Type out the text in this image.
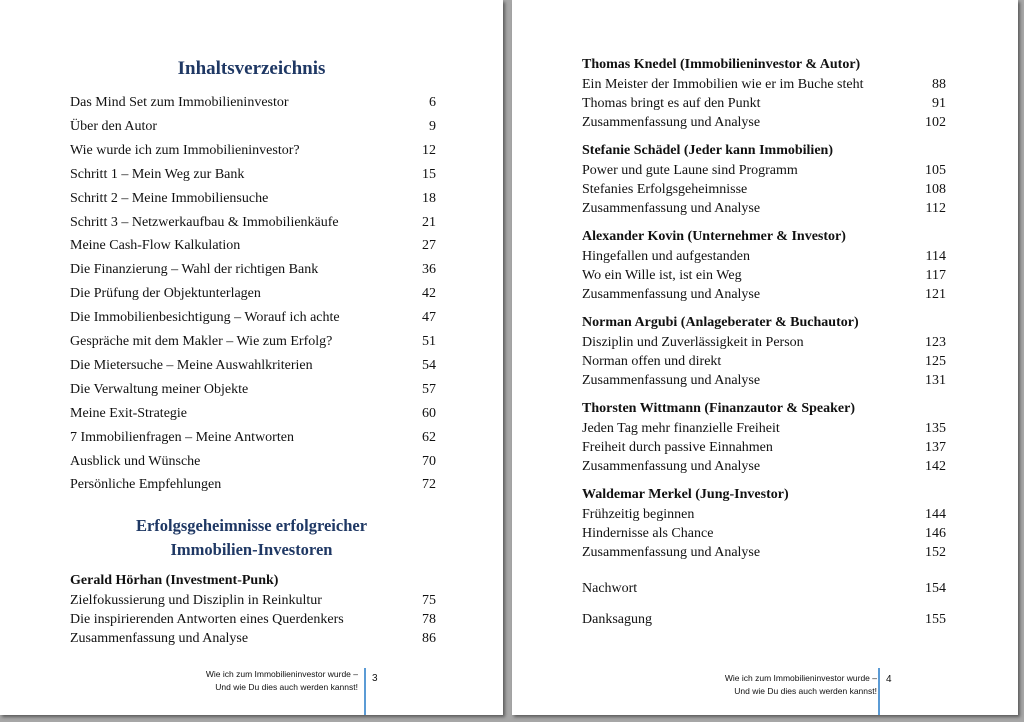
Inhaltsverzeichnis
Das Mind Set zum Immobilieninvestor	6
Über den Autor	9
Wie wurde ich zum Immobilieninvestor?	12
Schritt 1 – Mein Weg zur Bank	15
Schritt 2 – Meine Immobiliensuche	18
Schritt 3 – Netzwerkaufbau & Immobilienkäufe	21
Meine Cash-Flow Kalkulation	27
Die Finanzierung – Wahl der richtigen Bank	36
Die Prüfung der Objektunterlagen	42
Die Immobilienbesichtigung – Worauf ich achte	47
Gespräche mit dem Makler – Wie zum Erfolg?	51
Die Mietersuche – Meine Auswahlkriterien	54
Die Verwaltung meiner Objekte	57
Meine Exit-Strategie	60
7 Immobilienfragen – Meine Antworten	62
Ausblick und Wünsche	70
Persönliche Empfehlungen	72
Erfolgsgeheimnisse erfolgreicher
Immobilien-Investoren
Gerald Hörhan (Investment-Punk)
Zielfokussierung und Disziplin in Reinkultur	75
Die inspirierenden Antworten eines Querdenkers	78
Zusammenfassung und Analyse	86
Wie ich zum Immobilieninvestor wurde –
Und wie Du dies auch werden kannst!
3
Thomas Knedel (Immobilieninvestor & Autor)
Ein Meister der Immobilien wie er im Buche steht	88
Thomas bringt es auf den Punkt	91
Zusammenfassung und Analyse	102
Stefanie Schädel (Jeder kann Immobilien)
Power und gute Laune sind Programm	105
Stefanies Erfolgsgeheimnisse	108
Zusammenfassung und Analyse	112
Alexander Kovin (Unternehmer & Investor)
Hingefallen und aufgestanden	114
Wo ein Wille ist, ist ein Weg	117
Zusammenfassung und Analyse	121
Norman Argubi (Anlageberater & Buchautor)
Disziplin und Zuverlässigkeit in Person	123
Norman offen und direkt	125
Zusammenfassung und Analyse	131
Thorsten Wittmann (Finanzautor & Speaker)
Jeden Tag mehr finanzielle Freiheit	135
Freiheit durch passive Einnahmen	137
Zusammenfassung und Analyse	142
Waldemar Merkel (Jung-Investor)
Frühzeitig beginnen	144
Hindernisse als Chance	146
Zusammenfassung und Analyse	152
Nachwort	154
Danksagung	155
Wie ich zum Immobilieninvestor wurde –
Und wie Du dies auch werden kannst!
4
